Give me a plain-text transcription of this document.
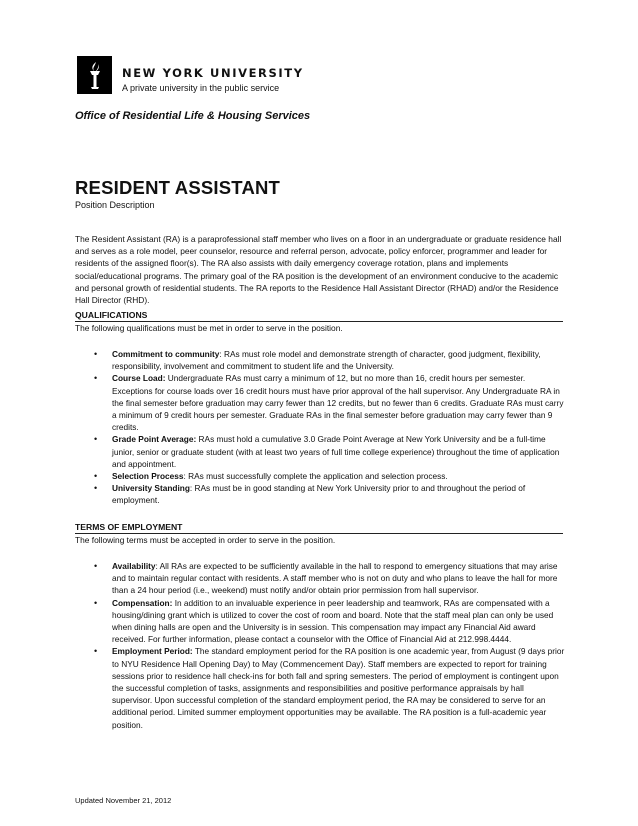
NEW YORK UNIVERSITY
A private university in the public service
Office of Residential Life & Housing Services
RESIDENT ASSISTANT
Position Description

The Resident Assistant (RA) is a paraprofessional staff member who lives on a floor in an undergraduate or graduate residence hall and serves as a role model, peer counselor, resource and referral person, advocate, policy enforcer, programmer and leader for residents of the assigned floor(s). The RA also assists with daily emergency coverage rotation, plans and implements social/educational programs. The primary goal of the RA position is the development of an environment conducive to the academic and personal growth of residential students. The RA reports to the Residence Hall Assistant Director (RHAD) and/or the Residence Hall Director (RHD).

QUALIFICATIONS
The following qualifications must be met in order to serve in the position.
• Commitment to community: RAs must role model and demonstrate strength of character, good judgment, flexibility, responsibility, involvement and commitment to student life and the University.
• Course Load: Undergraduate RAs must carry a minimum of 12, but no more than 16, credit hours per semester. Exceptions for course loads over 16 credit hours must have prior approval of the hall supervisor. Any Undergraduate RA in the final semester before graduation may carry fewer than 12 credits, but no fewer than 6 credits. Graduate RAs must carry a minimum of 9 credit hours per semester. Graduate RAs in the final semester before graduation may carry fewer than 9 credits.
• Grade Point Average: RAs must hold a cumulative 3.0 Grade Point Average at New York University and be a full-time junior, senior or graduate student (with at least two years of full time college experience) throughout the time of application and appointment.
• Selection Process: RAs must successfully complete the application and selection process.
• University Standing: RAs must be in good standing at New York University prior to and throughout the period of employment.
TERMS OF EMPLOYMENT
The following terms must be accepted in order to serve in the position.
• Availability: All RAs are expected to be sufficiently available in the hall to respond to emergency situations that may arise and to maintain regular contact with residents. A staff member who is not on duty and who plans to leave the hall for more than a 24 hour period (i.e., weekend) must notify and/or obtain prior permission from hall supervisor.
• Compensation: In addition to an invaluable experience in peer leadership and teamwork, RAs are compensated with a housing/dining grant which is utilized to cover the cost of room and board. Note that the staff meal plan can only be used when dining halls are open and the University is in session. This compensation may impact any Financial Aid award received. For further information, please contact a counselor with the Office of Financial Aid at 212.998.4444.
• Employment Period: The standard employment period for the RA position is one academic year, from August (9 days prior to NYU Residence Hall Opening Day) to May (Commencement Day). Staff members are expected to report for training sessions prior to residence hall check-ins for both fall and spring semesters. The period of employment is contingent upon the successful completion of tasks, assignments and responsibilities and positive performance appraisals by hall supervisor. Upon successful completion of the standard employment period, the RA may be considered to serve for an additional period. Limited summer employment opportunities may be available. The RA position is a full-academic year position.
Updated November 21, 2012
